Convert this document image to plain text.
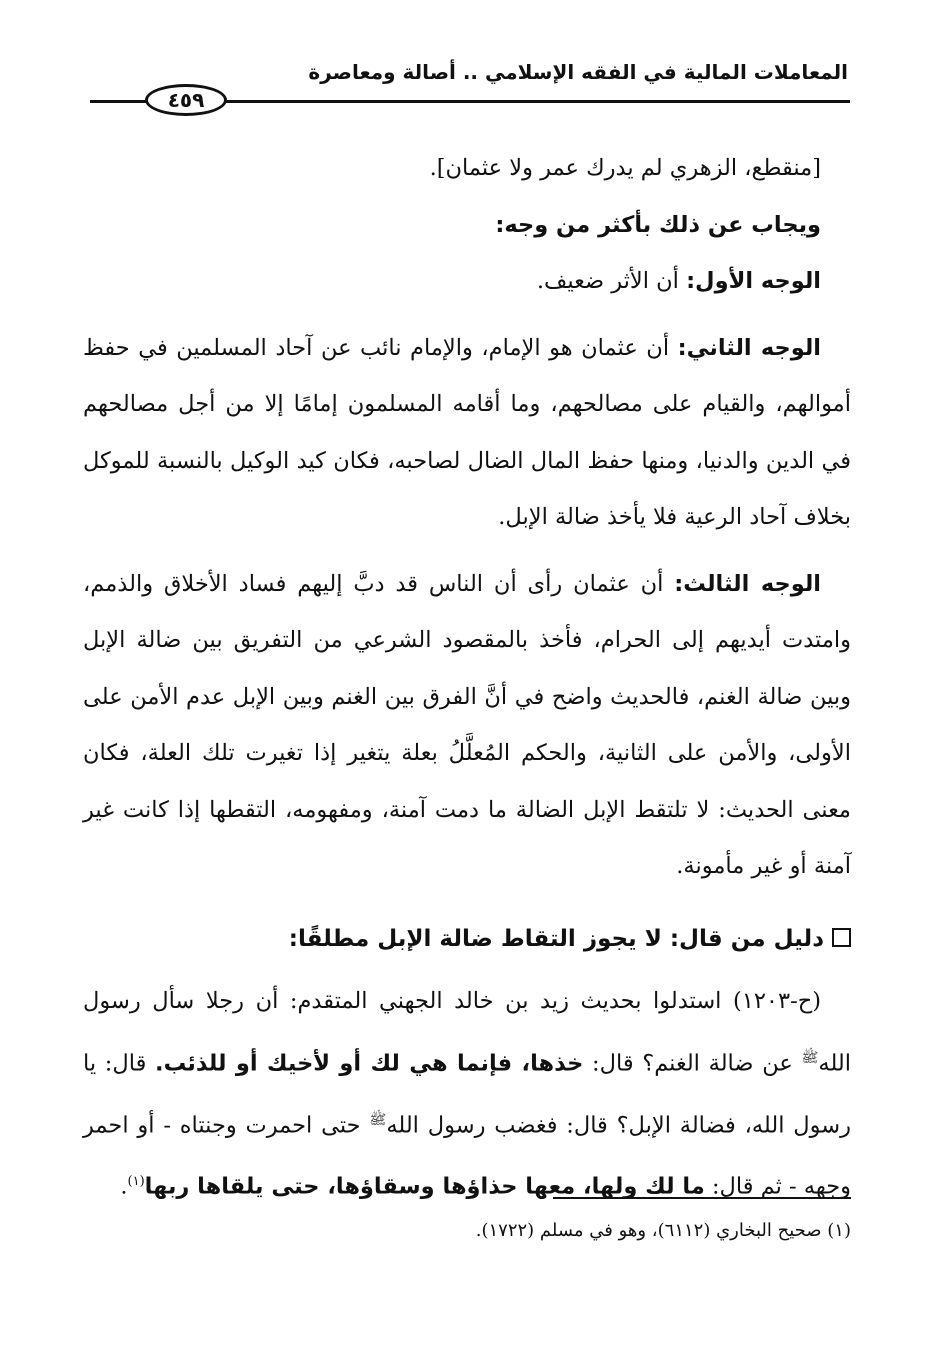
المعاملات المالية في الفقه الإسلامي .. أصالة ومعاصرة
٤٥٩

[منقطع، الزهري لم يدرك عمر ولا عثمان].

ويجاب عن ذلك بأكثر من وجه:

الوجه الأول: أن الأثر ضعيف.

الوجه الثاني: أن عثمان هو الإمام، والإمام نائب عن آحاد المسلمين في حفظ أموالهم، والقيام على مصالحهم، وما أقامه المسلمون إمامًا إلا من أجل مصالحهم في الدين والدنيا، ومنها حفظ المال الضال لصاحبه، فكان كيد الوكيل بالنسبة للموكل بخلاف آحاد الرعية فلا يأخذ ضالة الإبل.

الوجه الثالث: أن عثمان رأى أن الناس قد دبَّ إليهم فساد الأخلاق والذمم، وامتدت أيديهم إلى الحرام، فأخذ بالمقصود الشرعي من التفريق بين ضالة الإبل وبين ضالة الغنم، فالحديث واضح في أنَّ الفرق بين الغنم وبين الإبل عدم الأمن على الأولى، والأمن على الثانية، والحكم المُعلَّلُ بعلة يتغير إذا تغيرت تلك العلة، فكان معنى الحديث: لا تلتقط الإبل الضالة ما دمت آمنة، ومفهومه، التقطها إذا كانت غير آمنة أو غير مأمونة.

دليل من قال: لا يجوز التقاط ضالة الإبل مطلقًا:

(ح-١٢٠٣) استدلوا بحديث زيد بن خالد الجهني المتقدم: أن رجلا سأل رسول الله$^ﷺ$ عن ضالة الغنم؟ قال: خذها، فإنما هي لك أو لأخيك أو للذئب. قال: يا رسول الله، فضالة الإبل؟ قال: فغضب رسول الله$^ﷺ$ حتى احمرت وجنتاه - أو احمر وجهه - ثم قال: ما لك ولها، معها حذاؤها وسقاؤها، حتى يلقاها ربها$^{(١)}$.

(١) صحيح البخاري (٦١١٢)، وهو في مسلم (١٧٢٢).
